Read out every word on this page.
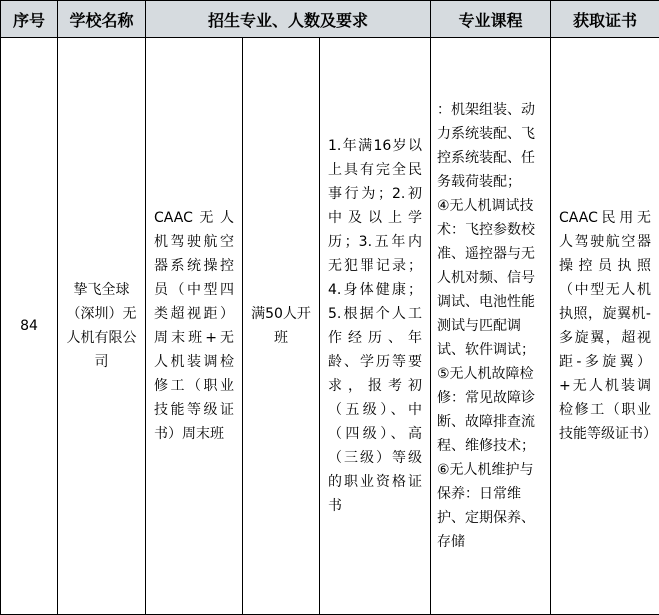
序号	学校名称	招生专业、人数及要求			专业课程	获取证书
84	挚飞全球（深圳）无人机有限公司	CAAC无人机驾驶航空器系统操控员（中型四类超视距）周末班+无人机装调检修工（职业技能等级证书）周末班	满50人开班	1.年满16岁以上具有完全民事行为；2.初中及以上学历；3.五年内无犯罪记录；4.身体健康；5.根据个人工作经历、年龄、学历等要求，报考初（五级）、中（四级）、高（三级）等级的职业资格证书	：机架组装、动力系统装配、飞控系统装配、任务载荷装配；
④无人机调试技术：飞控参数校准、遥控器与无人机对频、信号调试、电池性能测试与匹配调试、软件调试；
⑤无人机故障检修：常见故障诊断、故障排查流程、维修技术；
⑥无人机维护与保养：日常维护、定期保养、存储	CAAC民用无人驾驶航空器操控员执照（中型无人机执照，旋翼机-多旋翼，超视距-多旋翼）+无人机装调检修工（职业技能等级证书）
